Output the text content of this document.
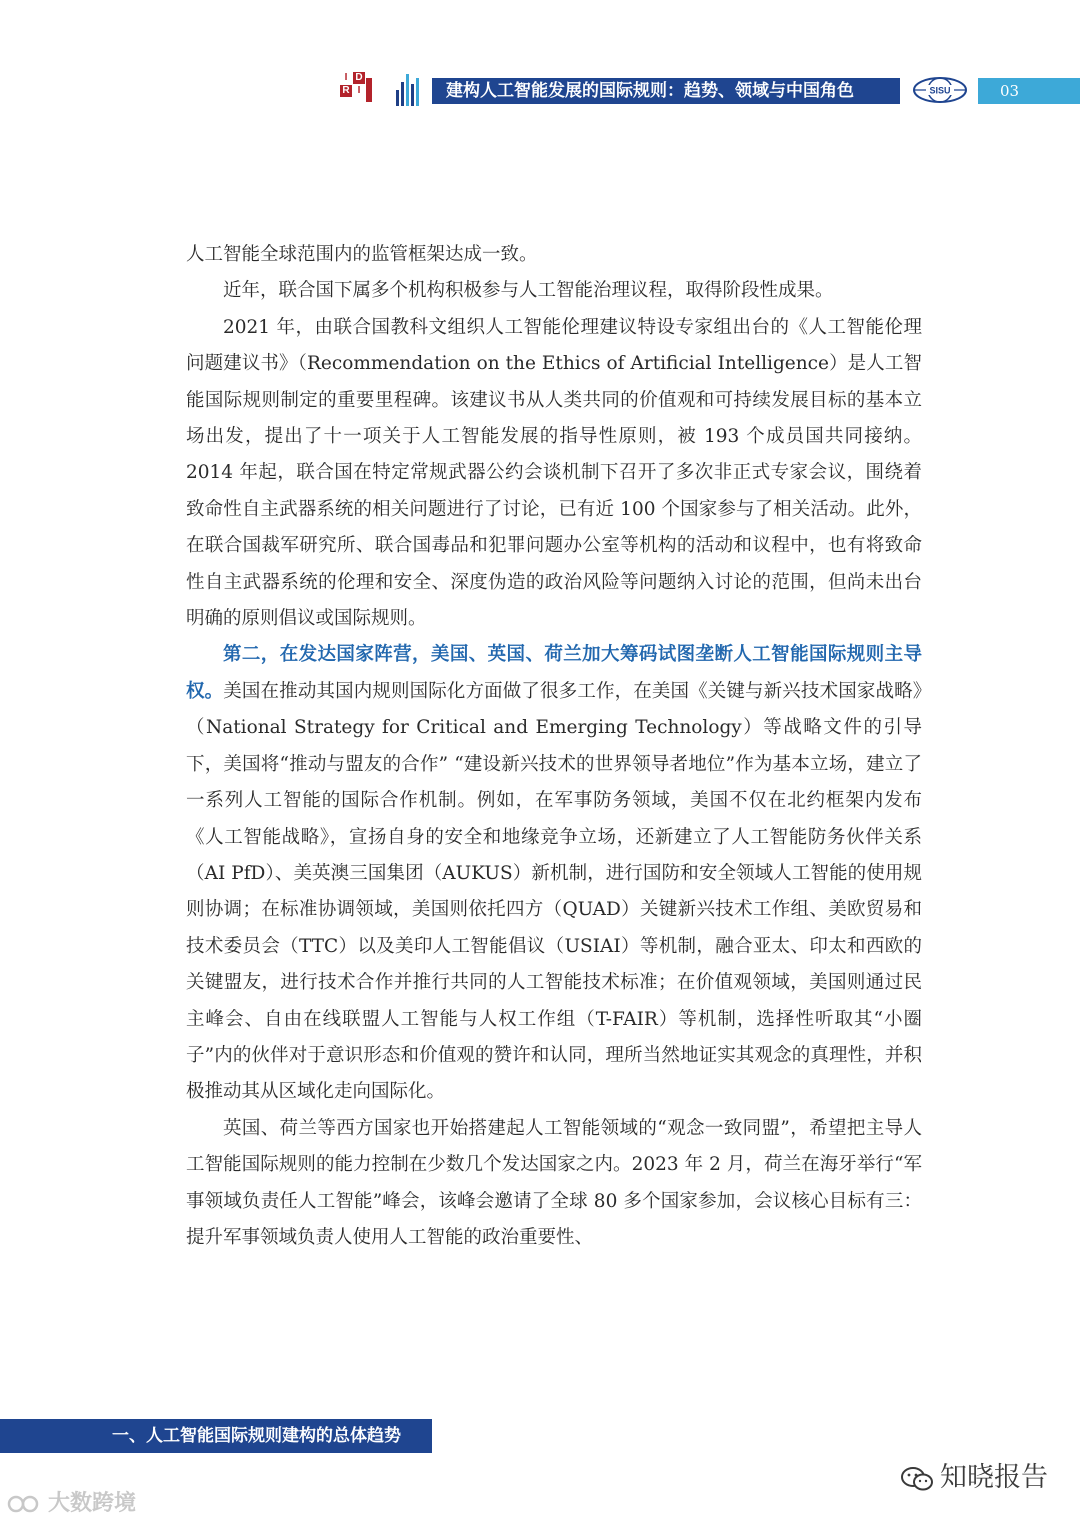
I D
R I	建构人工智能发展的国际规则：趋势、领域与中国角色	SISU	03

人工智能全球范围内的监管框架达成一致。

近年，联合国下属多个机构积极参与人工智能治理议程，取得阶段性成果。

2021 年，由联合国教科文组织人工智能伦理建议特设专家组出台的《人工智能伦理问题建议书》（Recommendation on the Ethics of Artificial Intelligence）是人工智能国际规则制定的重要里程碑。该建议书从人类共同的价值观和可持续发展目标的基本立场出发，提出了十一项关于人工智能发展的指导性原则，被 193 个成员国共同接纳。2014 年起，联合国在特定常规武器公约会谈机制下召开了多次非正式专家会议，围绕着致命性自主武器系统的相关问题进行了讨论，已有近 100 个国家参与了相关活动。此外，在联合国裁军研究所、联合国毒品和犯罪问题办公室等机构的活动和议程中，也有将致命性自主武器系统的伦理和安全、深度伪造的政治风险等问题纳入讨论的范围，但尚未出台明确的原则倡议或国际规则。

第二，在发达国家阵营，美国、英国、荷兰加大筹码试图垄断人工智能国际规则主导权。美国在推动其国内规则国际化方面做了很多工作，在美国《关键与新兴技术国家战略》（National Strategy for Critical and Emerging Technology）等战略文件的引导下，美国将“推动与盟友的合作” “建设新兴技术的世界领导者地位”作为基本立场，建立了一系列人工智能的国际合作机制。例如，在军事防务领域，美国不仅在北约框架内发布《人工智能战略》，宣扬自身的安全和地缘竞争立场，还新建立了人工智能防务伙伴关系（AI PfD）、美英澳三国集团（AUKUS）新机制，进行国防和安全领域人工智能的使用规则协调；在标准协调领域，美国则依托四方（QUAD）关键新兴技术工作组、美欧贸易和技术委员会（TTC）以及美印人工智能倡议（USIAI）等机制，融合亚太、印太和西欧的关键盟友，进行技术合作并推行共同的人工智能技术标准；在价值观领域，美国则通过民主峰会、自由在线联盟人工智能与人权工作组（T-FAIR）等机制，选择性听取其“小圈子”内的伙伴对于意识形态和价值观的赞许和认同，理所当然地证实其观念的真理性，并积极推动其从区域化走向国际化。

英国、荷兰等西方国家也开始搭建起人工智能领域的“观念一致同盟”，希望把主导人工智能国际规则的能力控制在少数几个发达国家之内。2023 年 2 月，荷兰在海牙举行“军事领域负责任人工智能”峰会，该峰会邀请了全球 80 多个国家参加，会议核心目标有三：提升军事领域负责人使用人工智能的政治重要性、

一、人工智能国际规则建构的总体趋势
大数跨境
知晓报告
